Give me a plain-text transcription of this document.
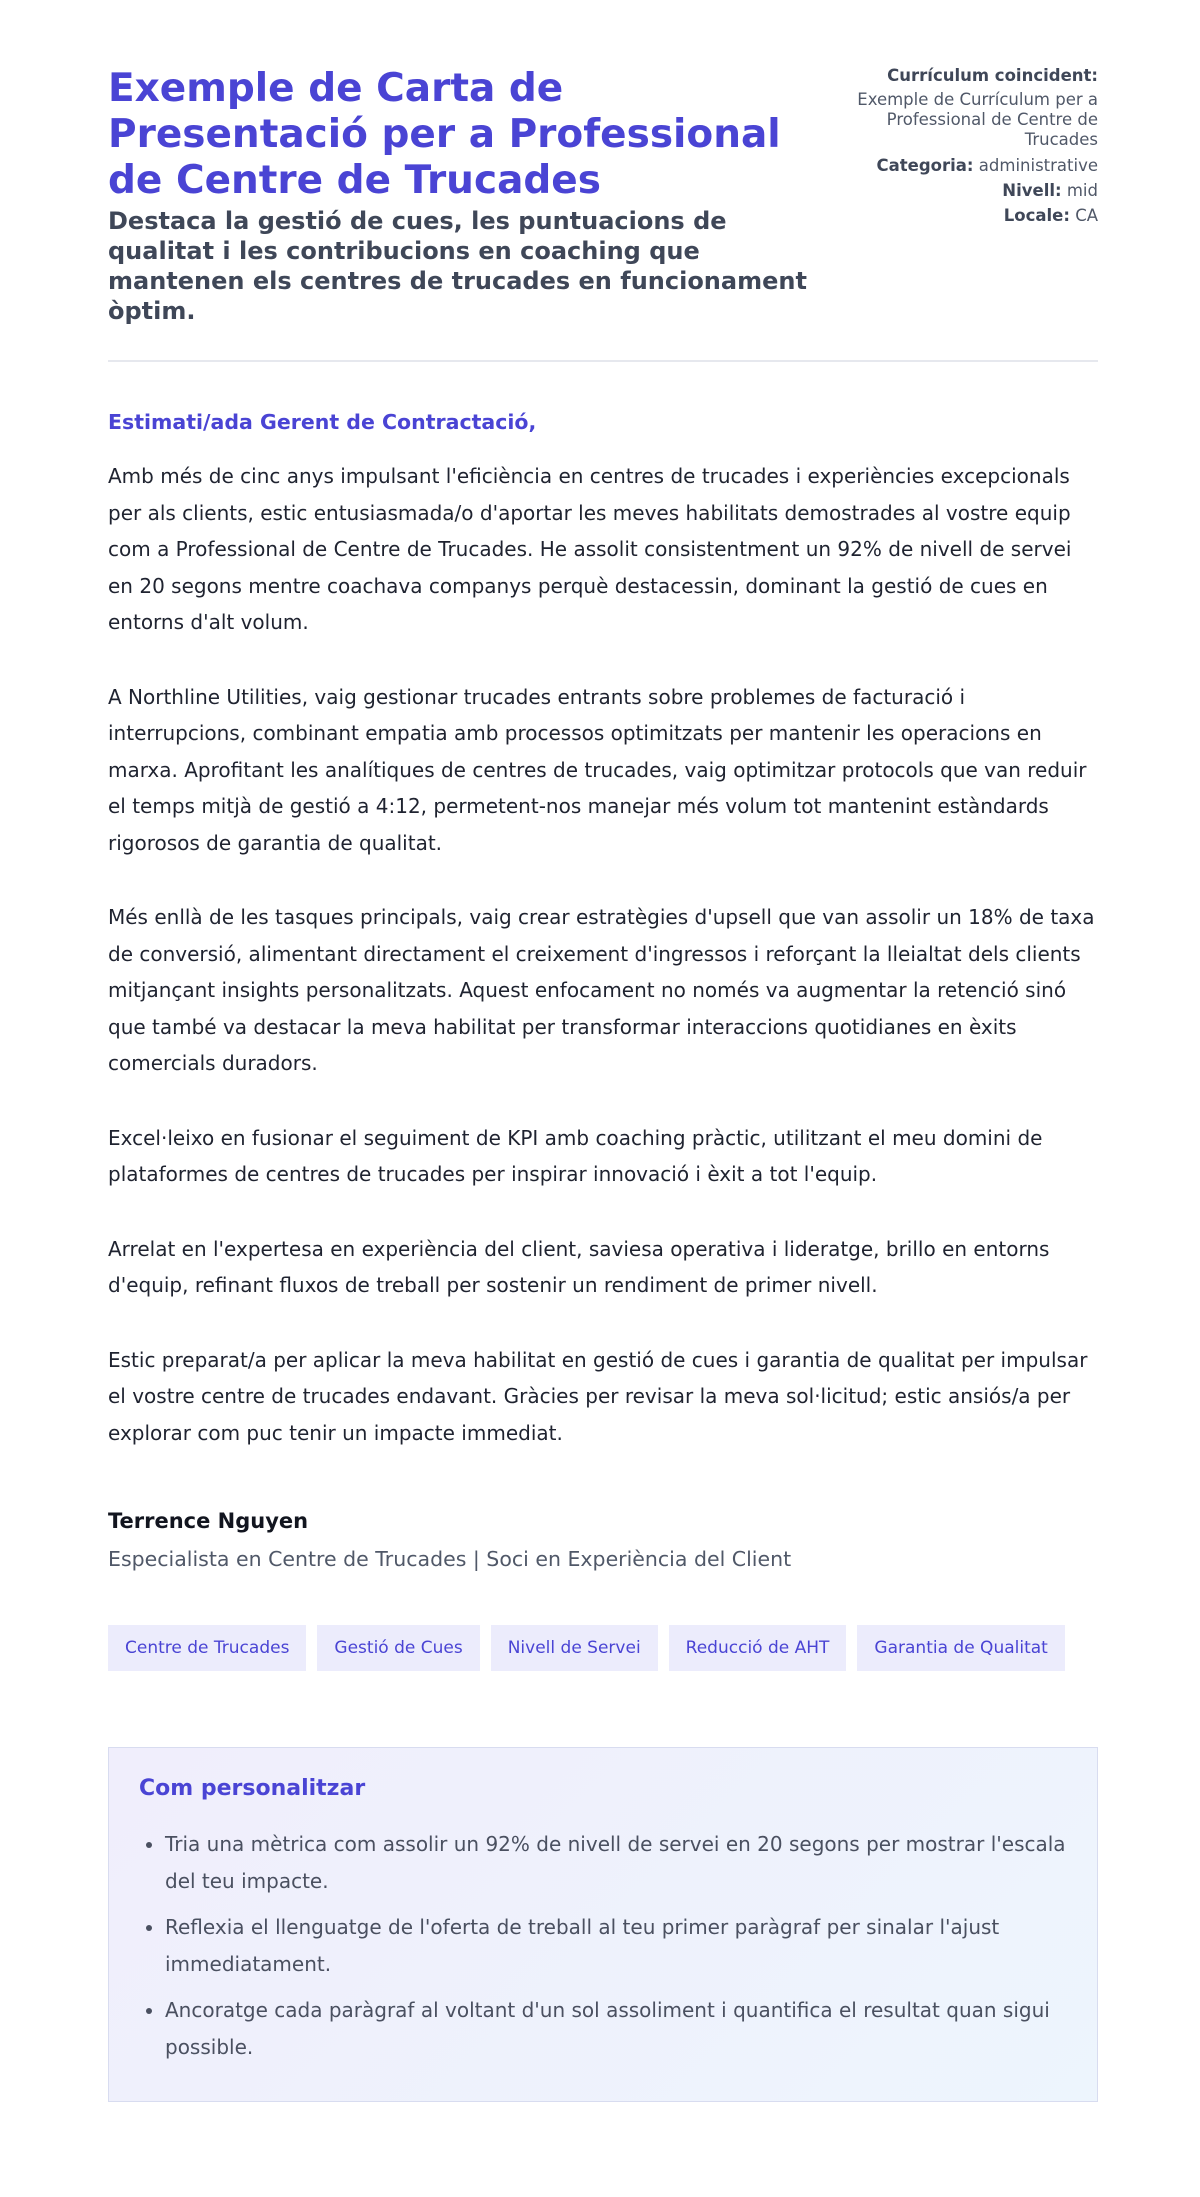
Exemple de Carta de Presentació per a Professional de Centre de Trucades
Destaca la gestió de cues, les puntuacions de qualitat i les contribucions en coaching que mantenen els centres de trucades en funcionament òptim.
Currículum coincident:
Exemple de Currículum per a Professional de Centre de Trucades
Categoria: administrative
Nivell: mid
Locale: CA
Estimati/ada Gerent de Contractació,

Amb més de cinc anys impulsant l'eficiència en centres de trucades i experiències excepcionals per als clients, estic entusiasmada/o d'aportar les meves habilitats demostrades al vostre equip com a Professional de Centre de Trucades. He assolit consistentment un 92% de nivell de servei en 20 segons mentre coachava companys perquè destacessin, dominant la gestió de cues en entorns d'alt volum.

A Northline Utilities, vaig gestionar trucades entrants sobre problemes de facturació i interrupcions, combinant empatia amb processos optimitzats per mantenir les operacions en marxa. Aprofitant les analítiques de centres de trucades, vaig optimitzar protocols que van reduir el temps mitjà de gestió a 4:12, permetent-nos manejar més volum tot mantenint estàndards rigorosos de garantia de qualitat.

Més enllà de les tasques principals, vaig crear estratègies d'upsell que van assolir un 18% de taxa de conversió, alimentant directament el creixement d'ingressos i reforçant la lleialtat dels clients mitjançant insights personalitzats. Aquest enfocament no només va augmentar la retenció sinó que també va destacar la meva habilitat per transformar interaccions quotidianes en èxits comercials duradors.

Excel·leixo en fusionar el seguiment de KPI amb coaching pràctic, utilitzant el meu domini de plataformes de centres de trucades per inspirar innovació i èxit a tot l'equip.

Arrelat en l'expertesa en experiència del client, saviesa operativa i lideratge, brillo en entorns d'equip, refinant fluxos de treball per sostenir un rendiment de primer nivell.

Estic preparat/a per aplicar la meva habilitat en gestió de cues i garantia de qualitat per impulsar el vostre centre de trucades endavant. Gràcies per revisar la meva sol·licitud; estic ansiós/a per explorar com puc tenir un impacte immediat.

Terrence Nguyen
Especialista en Centre de Trucades | Soci en Experiència del Client
Centre de Trucades	Gestió de Cues	Nivell de Servei	Reducció de AHT	Garantia de Qualitat
Com personalitzar
• Tria una mètrica com assolir un 92% de nivell de servei en 20 segons per mostrar l'escala del teu impacte.
• Reflexia el llenguatge de l'oferta de treball al teu primer paràgraf per sinalar l'ajust immediatament.
• Ancoratge cada paràgraf al voltant d'un sol assoliment i quantifica el resultat quan sigui possible.
